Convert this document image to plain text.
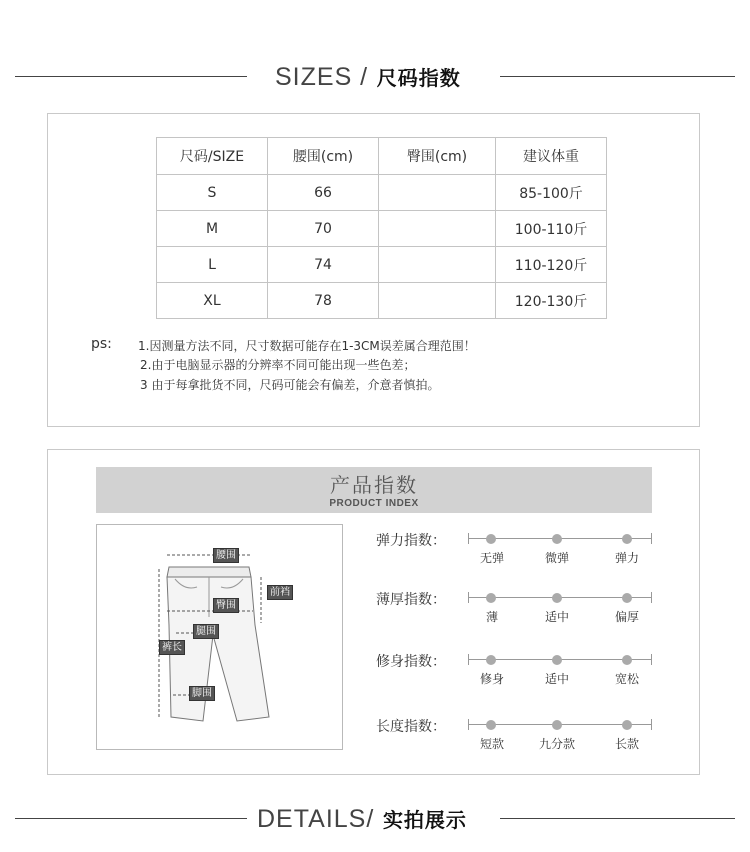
SIZES / 尺码指数
尺码/SIZE	腰围(cm)	臀围(cm)	建议体重
S	66		85-100斤
M	70		100-110斤
L	74		110-120斤
XL	78		120-130斤
ps: 1.因测量方法不同，尺寸数据可能存在1-3CM误差属合理范围！
2.由于电脑显示器的分辨率不同可能出现一些色差；
3 由于每拿批货不同，尺码可能会有偏差，介意者慎拍。
产品指数
PRODUCT INDEX
腰围
前裆
臀围
腿围
裤长
脚围
弹力指数：
无弹	微弹	弹力
薄厚指数：
薄	适中	偏厚
修身指数：
修身	适中	宽松
长度指数：
短款	九分款	长款
DETAILS/ 实拍展示
